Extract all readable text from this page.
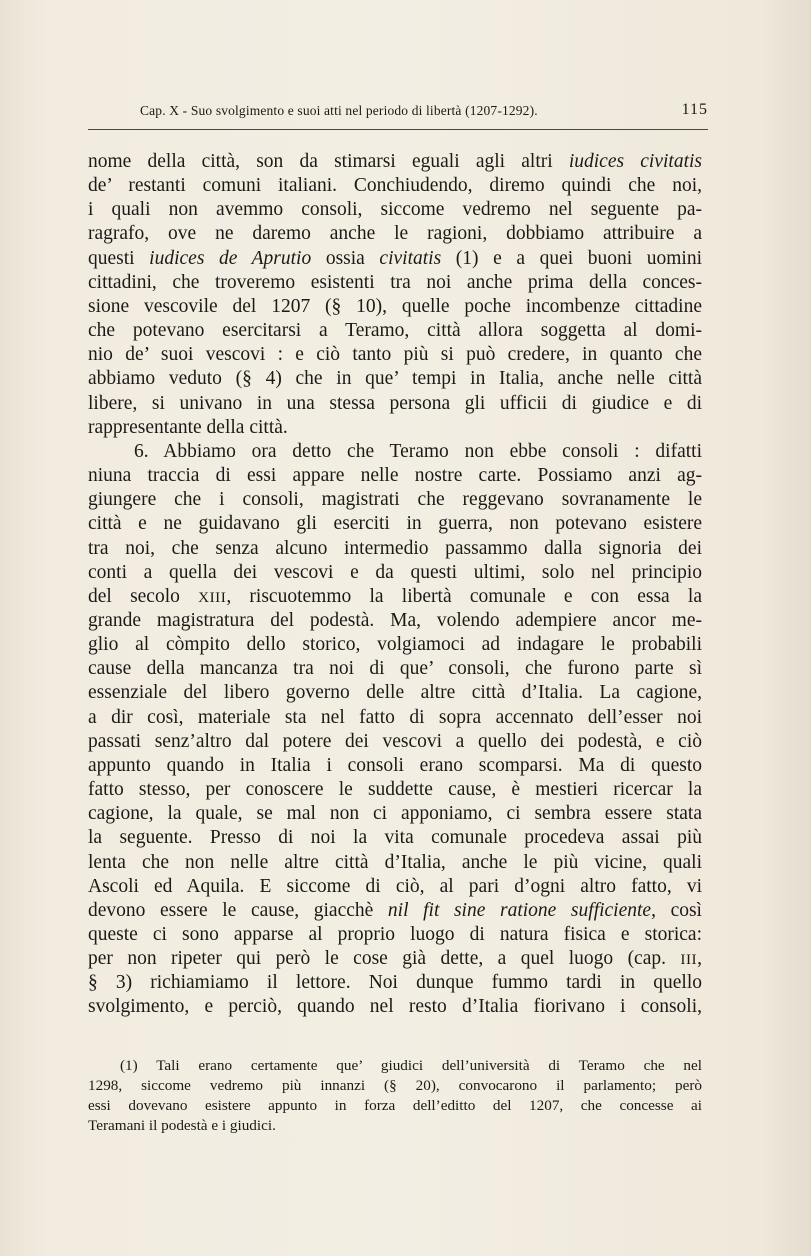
Cap. X - Suo svolgimento e suoi atti nel periodo di libertà (1207-1292).	115
nome della città, son da stimarsi eguali agli altri iudices civitatis
de’ restanti comuni italiani. Conchiudendo, diremo quindi che noi,
i quali non avemmo consoli, siccome vedremo nel seguente pa-
ragrafo, ove ne daremo anche le ragioni, dobbiamo attribuire a
questi iudices de Aprutio ossia civitatis (1) e a quei buoni uomini
cittadini, che troveremo esistenti tra noi anche prima della conces-
sione vescovile del 1207 (§ 10), quelle poche incombenze cittadine
che potevano esercitarsi a Teramo, città allora soggetta al domi-
nio de’ suoi vescovi : e ciò tanto più si può credere, in quanto che
abbiamo veduto (§ 4) che in que’ tempi in Italia, anche nelle città
libere, si univano in una stessa persona gli ufficii di giudice e di
rappresentante della città.
6. Abbiamo ora detto che Teramo non ebbe consoli : difatti
niuna traccia di essi appare nelle nostre carte. Possiamo anzi ag-
giungere che i consoli, magistrati che reggevano sovranamente le
città e ne guidavano gli eserciti in guerra, non potevano esistere
tra noi, che senza alcuno intermedio passammo dalla signoria dei
conti a quella dei vescovi e da questi ultimi, solo nel principio
del secolo XIII, riscuotemmo la libertà comunale e con essa la
grande magistratura del podestà. Ma, volendo adempiere ancor me-
glio al còmpito dello storico, volgiamoci ad indagare le probabili
cause della mancanza tra noi di que’ consoli, che furono parte sì
essenziale del libero governo delle altre città d’Italia. La cagione,
a dir così, materiale sta nel fatto di sopra accennato dell’esser noi
passati senz’altro dal potere dei vescovi a quello dei podestà, e ciò
appunto quando in Italia i consoli erano scomparsi. Ma di questo
fatto stesso, per conoscere le suddette cause, è mestieri ricercar la
cagione, la quale, se mal non ci apponiamo, ci sembra essere stata
la seguente. Presso di noi la vita comunale procedeva assai più
lenta che non nelle altre città d’Italia, anche le più vicine, quali
Ascoli ed Aquila. E siccome di ciò, al pari d’ogni altro fatto, vi
devono essere le cause, giacchè nil fit sine ratione sufficiente, così
queste ci sono apparse al proprio luogo di natura fisica e storica:
per non ripeter qui però le cose già dette, a quel luogo (cap. III,
§ 3) richiamiamo il lettore. Noi dunque fummo tardi in quello
svolgimento, e perciò, quando nel resto d’Italia fiorivano i consoli,
(1) Tali erano certamente que’ giudici dell’università di Teramo che nel
1298, siccome vedremo più innanzi (§ 20), convocarono il parlamento; però
essi dovevano esistere appunto in forza dell’editto del 1207, che concesse ai
Teramani il podestà e i giudici.
